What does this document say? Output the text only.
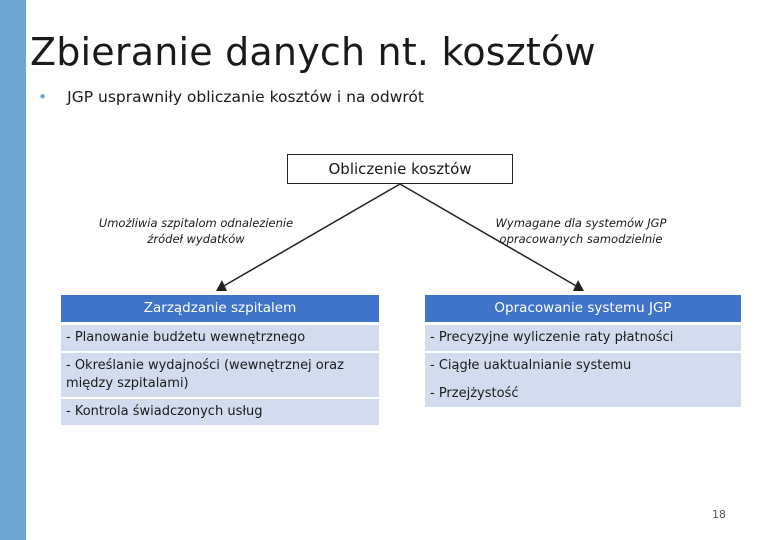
Zbieranie danych nt. kosztów
• JGP usprawniły obliczanie kosztów i na odwrót
Obliczenie kosztów
Umożliwia szpitalom odnalezienie źródeł wydatków
Wymagane dla systemów JGP opracowanych samodzielnie
Zarządzanie szpitalem
- Planowanie budżetu wewnętrznego
- Określanie wydajności (wewnętrznej oraz między szpitalami)
- Kontrola świadczonych usług
Opracowanie systemu JGP
- Precyzyjne wyliczenie raty płatności
- Ciągłe uaktualnianie systemu
- Przejżystość
18
